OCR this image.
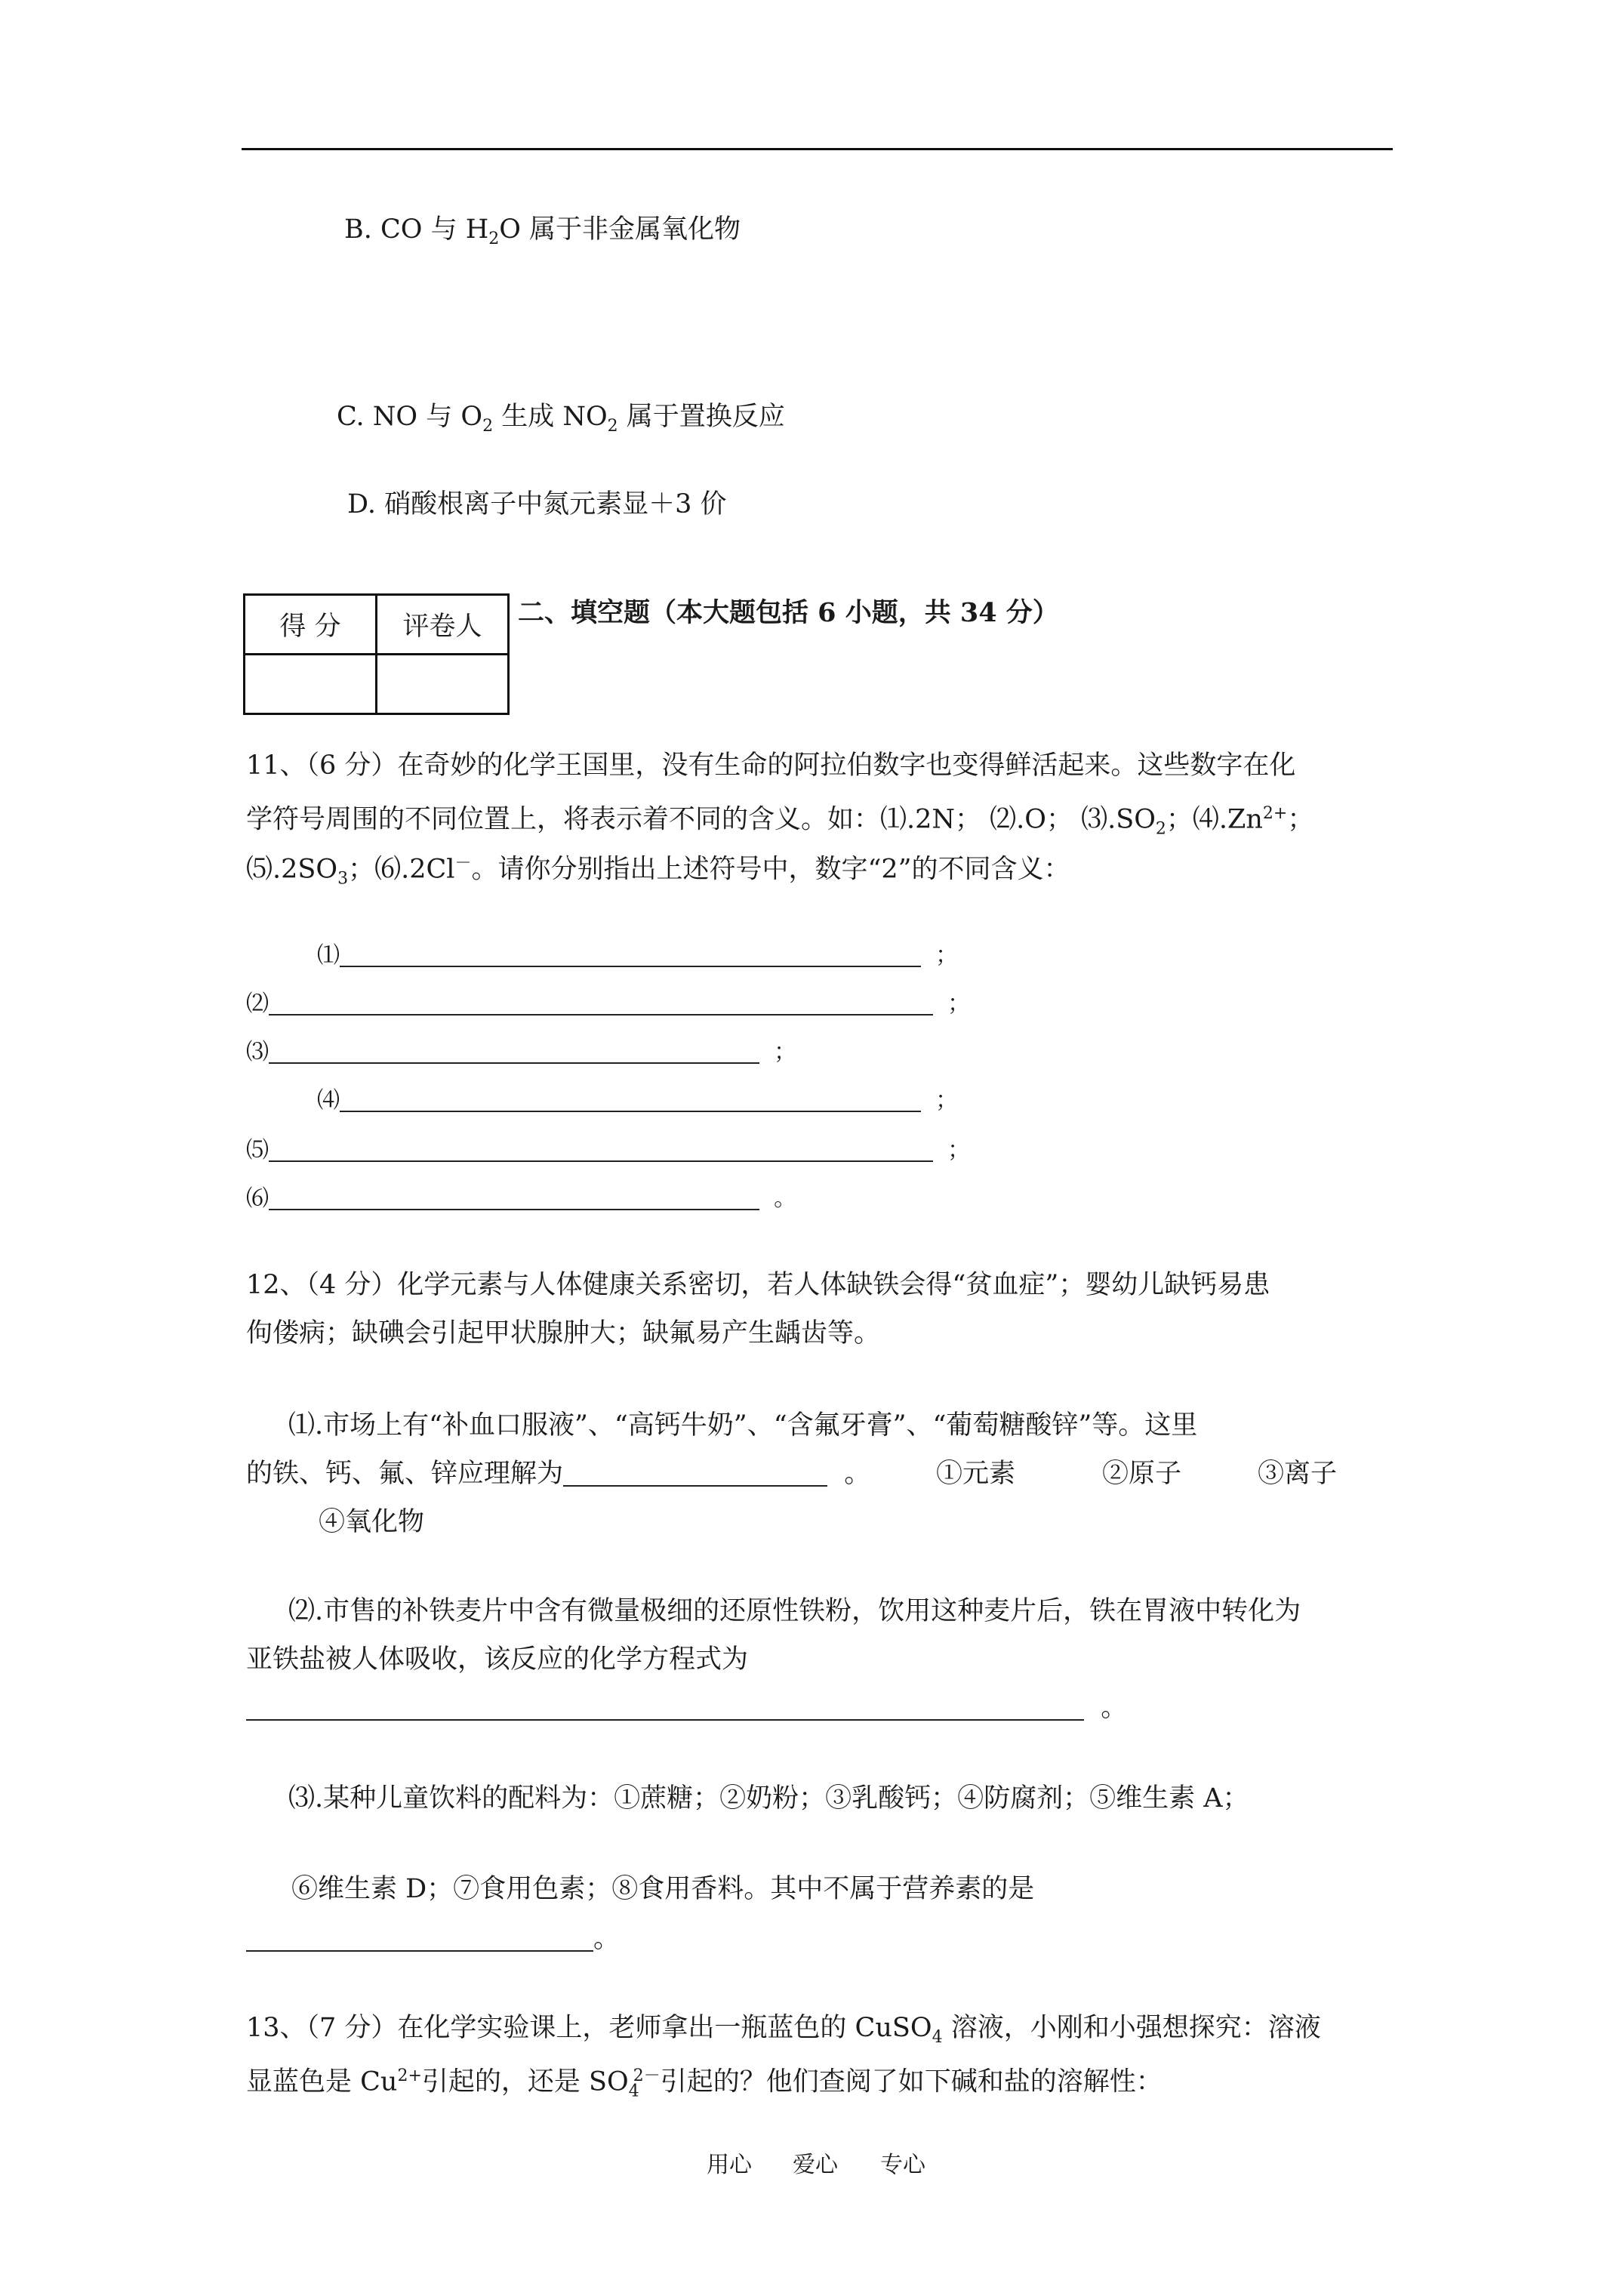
B. CO 与 $H_2O$ 属于非金属氧化物
C. NO 与 $O_2$ 生成 $NO_2$ 属于置换反应
D. 硝酸根离子中氮元素显＋3 价
得 分	评卷人
	二、填空题（本大题包括 6 小题，共 34 分）
11、（6 分）在奇妙的化学王国里，没有生命的阿拉伯数字也变得鲜活起来。这些数字在化
学符号周围的不同位置上，将表示着不同的含义。如：⑴.2N； ⑵.O； $⑶.SO_2$；$⑷.Zn^{2+}$；
$⑸.2SO_3$；⑹.2Cl－。请你分别指出上述符号中，数字“2”的不同含义：
⑴	；
⑵	；
⑶	；
⑷	；
⑸	；
⑹	。
12、（4 分）化学元素与人体健康关系密切，若人体缺铁会得“贫血症”；婴幼儿缺钙易患
佝偻病；缺碘会引起甲状腺肿大；缺氟易产生龋齿等。
⑴.市场上有“补血口服液”、“高钙牛奶”、“含氟牙膏”、“葡萄糖酸锌”等。这里
的铁、钙、氟、锌应理解为	。 ①元素	②原子	③离子
④氧化物
⑵.市售的补铁麦片中含有微量极细的还原性铁粉，饮用这种麦片后，铁在胃液中转化为
亚铁盐被人体吸收，该反应的化学方程式为
。
⑶.某种儿童饮料的配料为：①蔗糖；②奶粉；③乳酸钙；④防腐剂；⑤维生素 A；
⑥维生素 D；⑦食用色素；⑧食用香料。其中不属于营养素的是
。
13、（7 分）在化学实验课上，老师拿出一瓶蓝色的 CuSO$_4$ 溶液，小刚和小强想探究：溶液
显蓝色是 $Cu^{2+}$引起的，还是 $SO_4^{2-}$引起的？他们查阅了如下碱和盐的溶解性：
用心 爱心 专心
